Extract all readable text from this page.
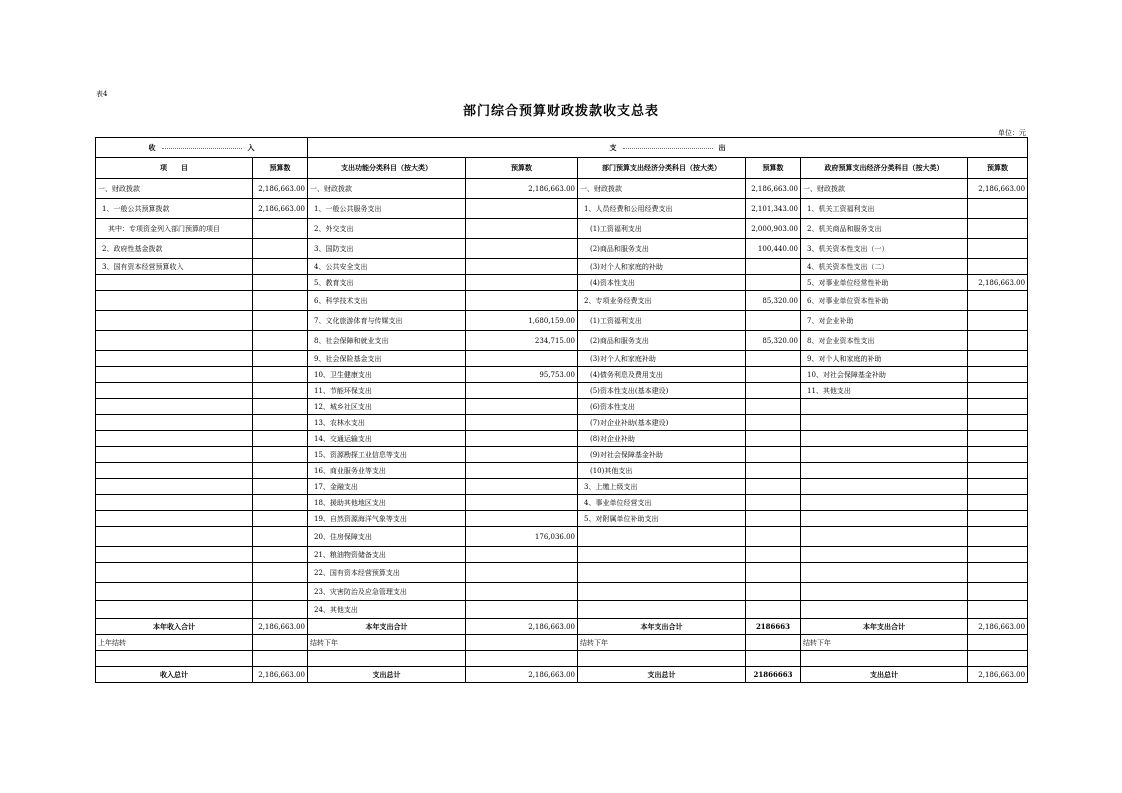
表4
部门综合预算财政拨款收支总表
单位：元
收 入		支 出					
项　　目	预算数	支出功能分类科目（按大类）	预算数	部门预算支出经济分类科目（按大类）	预算数	政府预算支出经济分类科目（按大类）	预算数
一、财政拨款	2,186,663.00	一、财政拨款	2,186,663.00	一、财政拨款	2,186,663.00	一、财政拨款	2,186,663.00
1、一般公共预算拨款	2,186,663.00	1、一般公共服务支出		1、人员经费和公用经费支出	2,101,343.00	1、机关工资福利支出	
其中：专项资金列入部门预算的项目		2、外交支出		(1)工资福利支出	2,000,903.00	2、机关商品和服务支出	
2、政府性基金拨款		3、国防支出		(2)商品和服务支出	100,440.00	3、机关资本性支出（一）	
3、国有资本经营预算收入		4、公共安全支出		(3)对个人和家庭的补助		4、机关资本性支出（二）	
		5、教育支出		(4)资本性支出		5、对事业单位经常性补助	2,186,663.00
		6、科学技术支出		2、专项业务经费支出	85,320.00	6、对事业单位资本性补助	
		7、文化旅游体育与传媒支出	1,680,159.00	(1)工资福利支出		7、对企业补助	
		8、社会保障和就业支出	234,715.00	(2)商品和服务支出	85,320.00	8、对企业资本性支出	
		9、社会保险基金支出		(3)对个人和家庭补助		9、对个人和家庭的补助	
		10、卫生健康支出	95,753.00	(4)债务利息及费用支出		10、对社会保障基金补助	
		11、节能环保支出		(5)资本性支出(基本建设)		11、其他支出	
		12、城乡社区支出		(6)资本性支出			
		13、农林水支出		(7)对企业补助(基本建设)			
		14、交通运输支出		(8)对企业补助			
		15、资源勘探工业信息等支出		(9)对社会保障基金补助			
		16、商业服务业等支出		(10)其他支出			
		17、金融支出		3、上缴上级支出			
		18、援助其他地区支出		4、事业单位经营支出			
		19、自然资源海洋气象等支出		5、对附属单位补助支出			
		20、住房保障支出	176,036.00				
		21、粮油物资储备支出					
		22、国有资本经营预算支出					
		23、灾害防治及应急管理支出					
		24、其他支出					
本年收入合计	2,186,663.00	本年支出合计	2,186,663.00	本年支出合计	2186663	本年支出合计	2,186,663.00
上年结转		结转下年		结转下年		结转下年	

收入总计	2,186,663.00	支出总计	2,186,663.00	支出总计	21866663	支出总计	2,186,663.00
